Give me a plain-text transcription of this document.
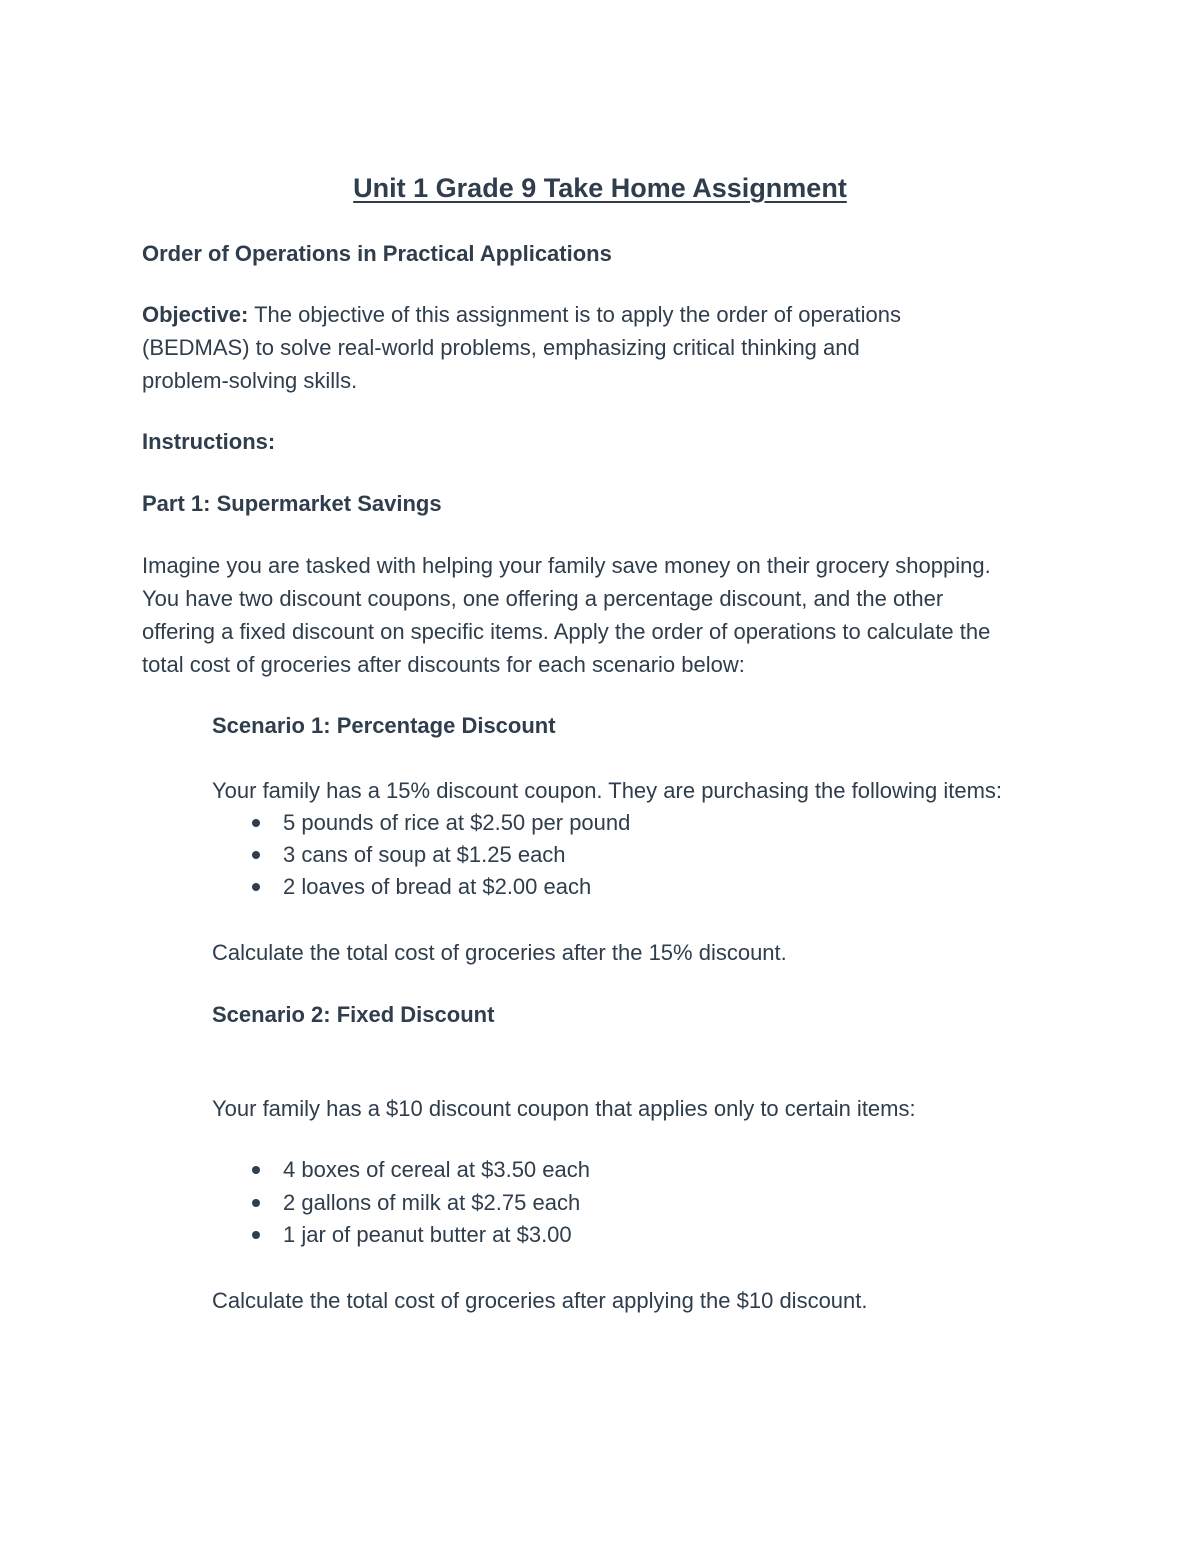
Unit 1 Grade 9 Take Home Assignment

Order of Operations in Practical Applications

Objective: The objective of this assignment is to apply the order of operations

(BEDMAS) to solve real-world problems, emphasizing critical thinking and

problem-solving skills.

Instructions:

Part 1: Supermarket Savings

Imagine you are tasked with helping your family save money on their grocery shopping.

You have two discount coupons, one offering a percentage discount, and the other

offering a fixed discount on specific items. Apply the order of operations to calculate the

total cost of groceries after discounts for each scenario below:

Scenario 1: Percentage Discount

Your family has a 15% discount coupon. They are purchasing the following items:

5 pounds of rice at $2.50 per pound

3 cans of soup at $1.25 each

2 loaves of bread at $2.00 each

Calculate the total cost of groceries after the 15% discount.

Scenario 2: Fixed Discount

Your family has a $10 discount coupon that applies only to certain items:

4 boxes of cereal at $3.50 each

2 gallons of milk at $2.75 each

1 jar of peanut butter at $3.00

Calculate the total cost of groceries after applying the $10 discount.
